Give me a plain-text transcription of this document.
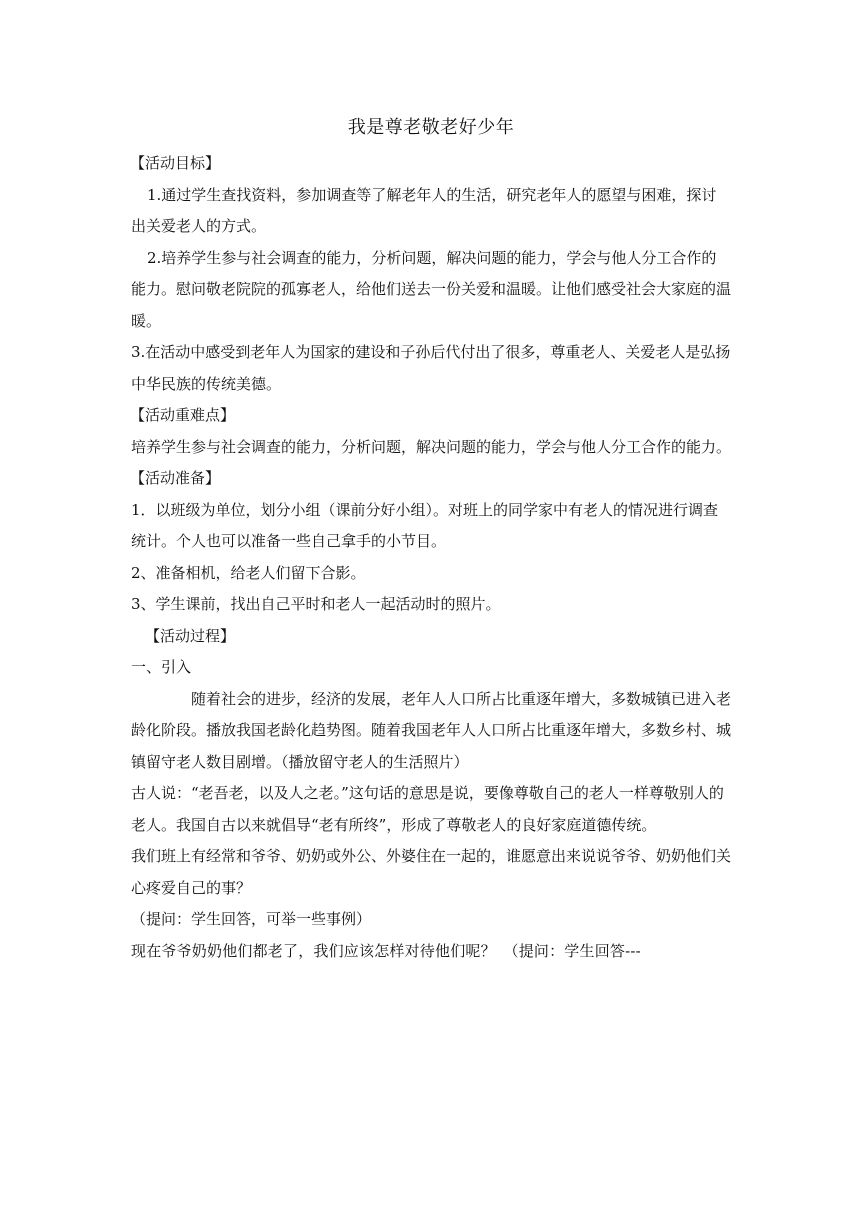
我是尊老敬老好少年

【活动目标】

1.通过学生查找资料，参加调查等了解老年人的生活，研究老年人的愿望与困难，探讨出关爱老人的方式。

2.培养学生参与社会调查的能力，分析问题，解决问题的能力，学会与他人分工合作的能力。慰问敬老院院的孤寡老人，给他们送去一份关爱和温暖。让他们感受社会大家庭的温暖。

3.在活动中感受到老年人为国家的建设和子孙后代付出了很多，尊重老人、关爱老人是弘扬中华民族的传统美德。

【活动重难点】

培养学生参与社会调查的能力，分析问题，解决问题的能力，学会与他人分工合作的能力。

【活动准备】

1．以班级为单位，划分小组（课前分好小组）。对班上的同学家中有老人的情况进行调查统计。个人也可以准备一些自己拿手的小节目。

2、准备相机，给老人们留下合影。

3、学生课前，找出自己平时和老人一起活动时的照片。

【活动过程】

一、引入

随着社会的进步，经济的发展，老年人人口所占比重逐年增大，多数城镇已进入老龄化阶段。播放我国老龄化趋势图。随着我国老年人人口所占比重逐年增大，多数乡村、城镇留守老人数目剧增。（播放留守老人的生活照片）

古人说：“老吾老，以及人之老。”这句话的意思是说，要像尊敬自己的老人一样尊敬别人的老人。我国自古以来就倡导“老有所终”，形成了尊敬老人的良好家庭道德传统。

我们班上有经常和爷爷、奶奶或外公、外婆住在一起的，谁愿意出来说说爷爷、奶奶他们关心疼爱自己的事？

（提问：学生回答，可举一些事例）

现在爷爷奶奶他们都老了，我们应该怎样对待他们呢？　（提问：学生回答---
